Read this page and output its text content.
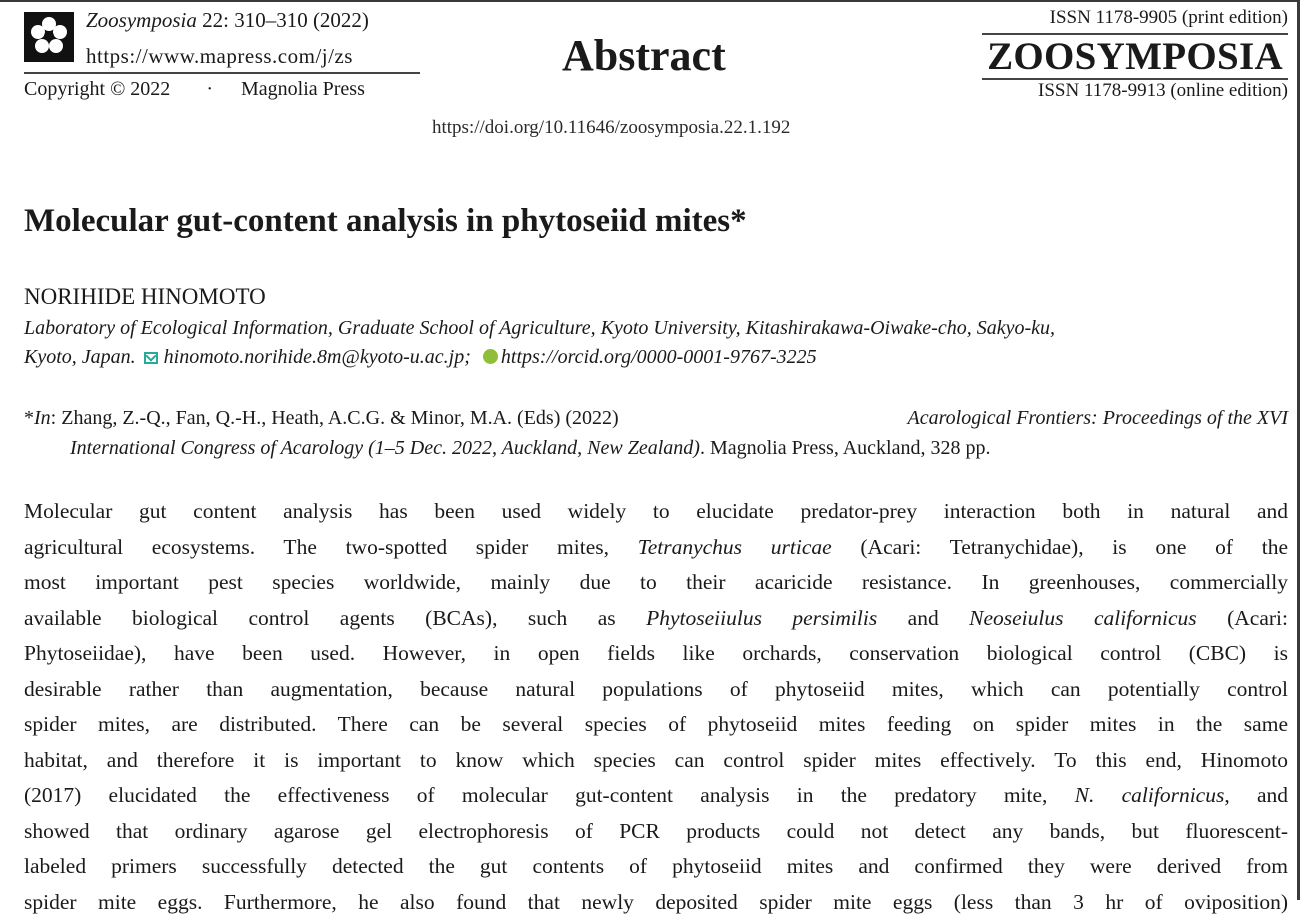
Zoosymposia 22: 310–310 (2022)
https://www.mapress.com/j/zs
Copyright © 2022 · Magnolia Press
Abstract
https://doi.org/10.11646/zoosymposia.22.1.192
ISSN 1178-9905 (print edition)
ZOOSYMPOSIA
ISSN 1178-9913 (online edition)
Molecular gut-content analysis in phytoseiid mites*
NORIHIDE HINOMOTO
Laboratory of Ecological Information, Graduate School of Agriculture, Kyoto University, Kitashirakawa-Oiwake-cho, Sakyo-ku,
Kyoto, Japan. hinomoto.norihide.8m@kyoto-u.ac.jp; https://orcid.org/0000-0001-9767-3225
*In: Zhang, Z.-Q., Fan, Q.-H., Heath, A.C.G. & Minor, M.A. (Eds) (2022)	Acarological Frontiers: Proceedings of the XVI
International Congress of Acarology (1–5 Dec. 2022, Auckland, New Zealand). Magnolia Press, Auckland, 328 pp.
Molecular gut content analysis has been used widely to elucidate predator-prey interaction both in natural and
agricultural ecosystems. The two-spotted spider mites, Tetranychus urticae (Acari: Tetranychidae), is one of the
most important pest species worldwide, mainly due to their acaricide resistance. In greenhouses, commercially
available biological control agents (BCAs), such as Phytoseiiulus persimilis and Neoseiulus californicus (Acari:
Phytoseiidae), have been used. However, in open fields like orchards, conservation biological control (CBC) is
desirable rather than augmentation, because natural populations of phytoseiid mites, which can potentially control
spider mites, are distributed. There can be several species of phytoseiid mites feeding on spider mites in the same
habitat, and therefore it is important to know which species can control spider mites effectively. To this end, Hinomoto
(2017) elucidated the effectiveness of molecular gut-content analysis in the predatory mite, N. californicus, and
showed that ordinary agarose gel electrophoresis of PCR products could not detect any bands, but fluorescent-
labeled primers successfully detected the gut contents of phytoseiid mites and confirmed they were derived from
spider mite eggs. Furthermore, he also found that newly deposited spider mite eggs (less than 3 hr of oviposition)
